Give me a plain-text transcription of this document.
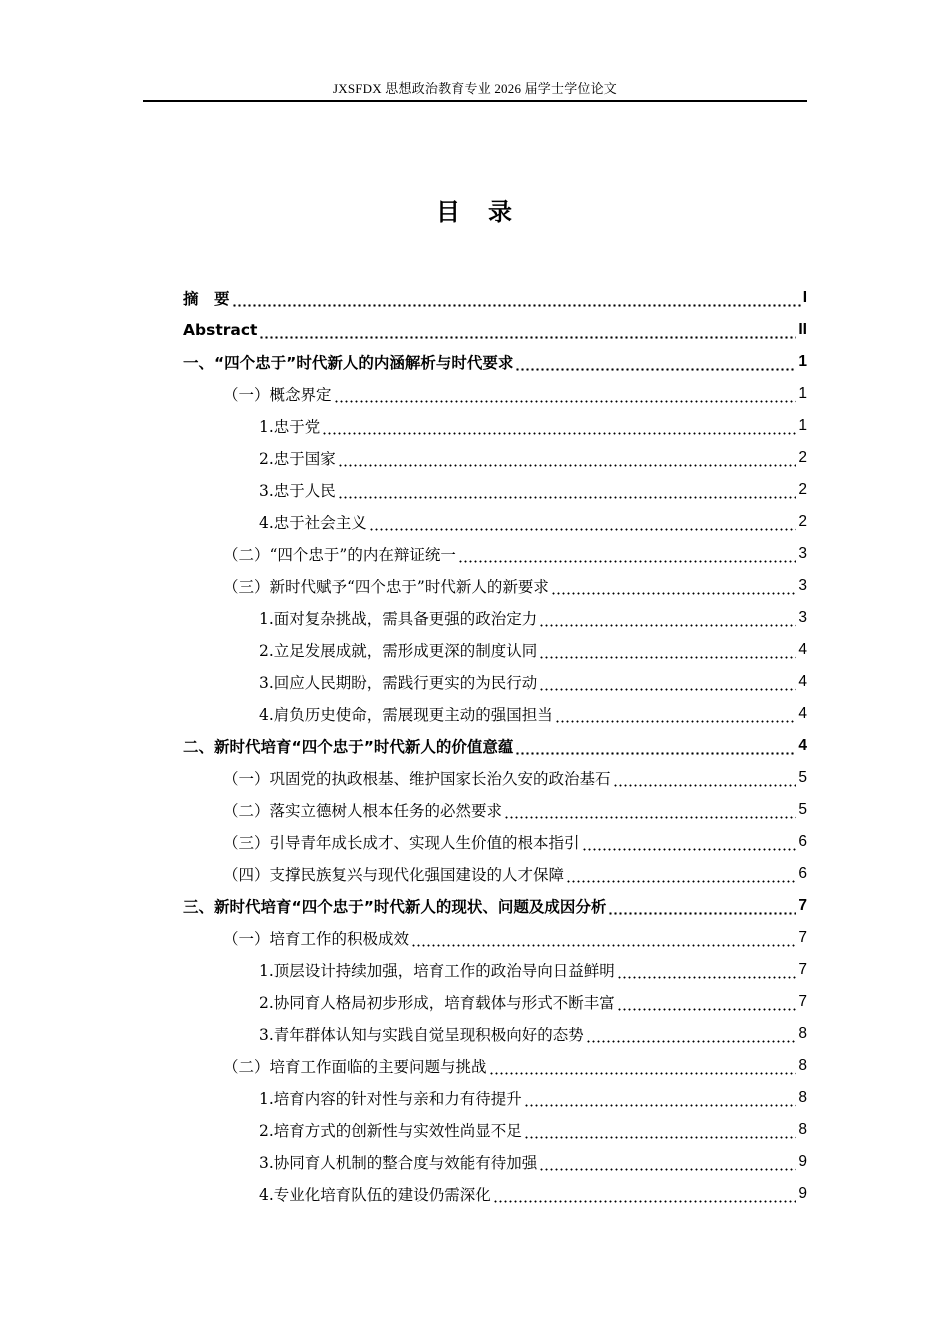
JXSFDX 思想政治教育专业 2026 届学士学位论文
目　录
摘　要	I
Abstract	II
一、“四个忠于”时代新人的内涵解析与时代要求	1
（一）概念界定	1
1.忠于党	1
2.忠于国家	2
3.忠于人民	2
4.忠于社会主义	2
（二）“四个忠于”的内在辩证统一	3
（三）新时代赋予“四个忠于”时代新人的新要求	3
1.面对复杂挑战，需具备更强的政治定力	3
2.立足发展成就，需形成更深的制度认同	4
3.回应人民期盼，需践行更实的为民行动	4
4.肩负历史使命，需展现更主动的强国担当	4
二、新时代培育“四个忠于”时代新人的价值意蕴	4
（一）巩固党的执政根基、维护国家长治久安的政治基石	5
（二）落实立德树人根本任务的必然要求	5
（三）引导青年成长成才、实现人生价值的根本指引	6
（四）支撑民族复兴与现代化强国建设的人才保障	6
三、新时代培育“四个忠于”时代新人的现状、问题及成因分析	7
（一）培育工作的积极成效	7
1.顶层设计持续加强，培育工作的政治导向日益鲜明	7
2.协同育人格局初步形成，培育载体与形式不断丰富	7
3.青年群体认知与实践自觉呈现积极向好的态势	8
（二）培育工作面临的主要问题与挑战	8
1.培育内容的针对性与亲和力有待提升	8
2.培育方式的创新性与实效性尚显不足	8
3.协同育人机制的整合度与效能有待加强	9
4.专业化培育队伍的建设仍需深化	9
